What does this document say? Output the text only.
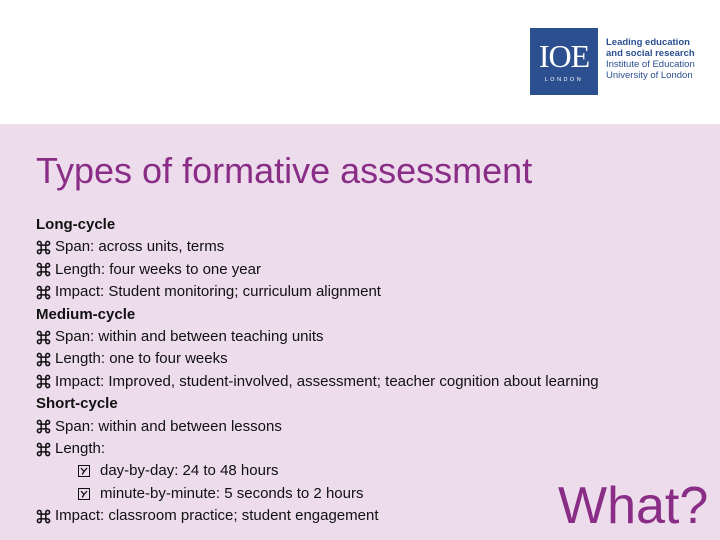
IOE
LONDON
Leading education
and social research
Institute of Education
University of London
Types of formative assessment
Long-cycle
Span: across units, terms
Length: four weeks to one year
Impact: Student monitoring; curriculum alignment
Medium-cycle
Span: within and between teaching units
Length: one to four weeks
Impact: Improved, student-involved, assessment; teacher cognition about learning
Short-cycle
Span: within and between lessons
Length:
day-by-day: 24 to 48 hours
minute-by-minute: 5 seconds to 2 hours
Impact: classroom practice; student engagement	What?
